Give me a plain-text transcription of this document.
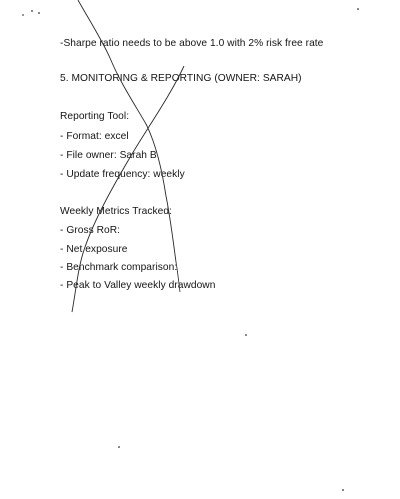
-Sharpe ratio needs to be above 1.0 with 2% risk free rate
5. MONITORING & REPORTING (OWNER: SARAH)
Reporting Tool:
- Format: excel
- File owner: Sarah B
- Update frequency: weekly
Weekly Metrics Tracked:
- Gross RoR:
- Net exposure
- Benchmark comparison:
- Peak to Valley weekly drawdown
